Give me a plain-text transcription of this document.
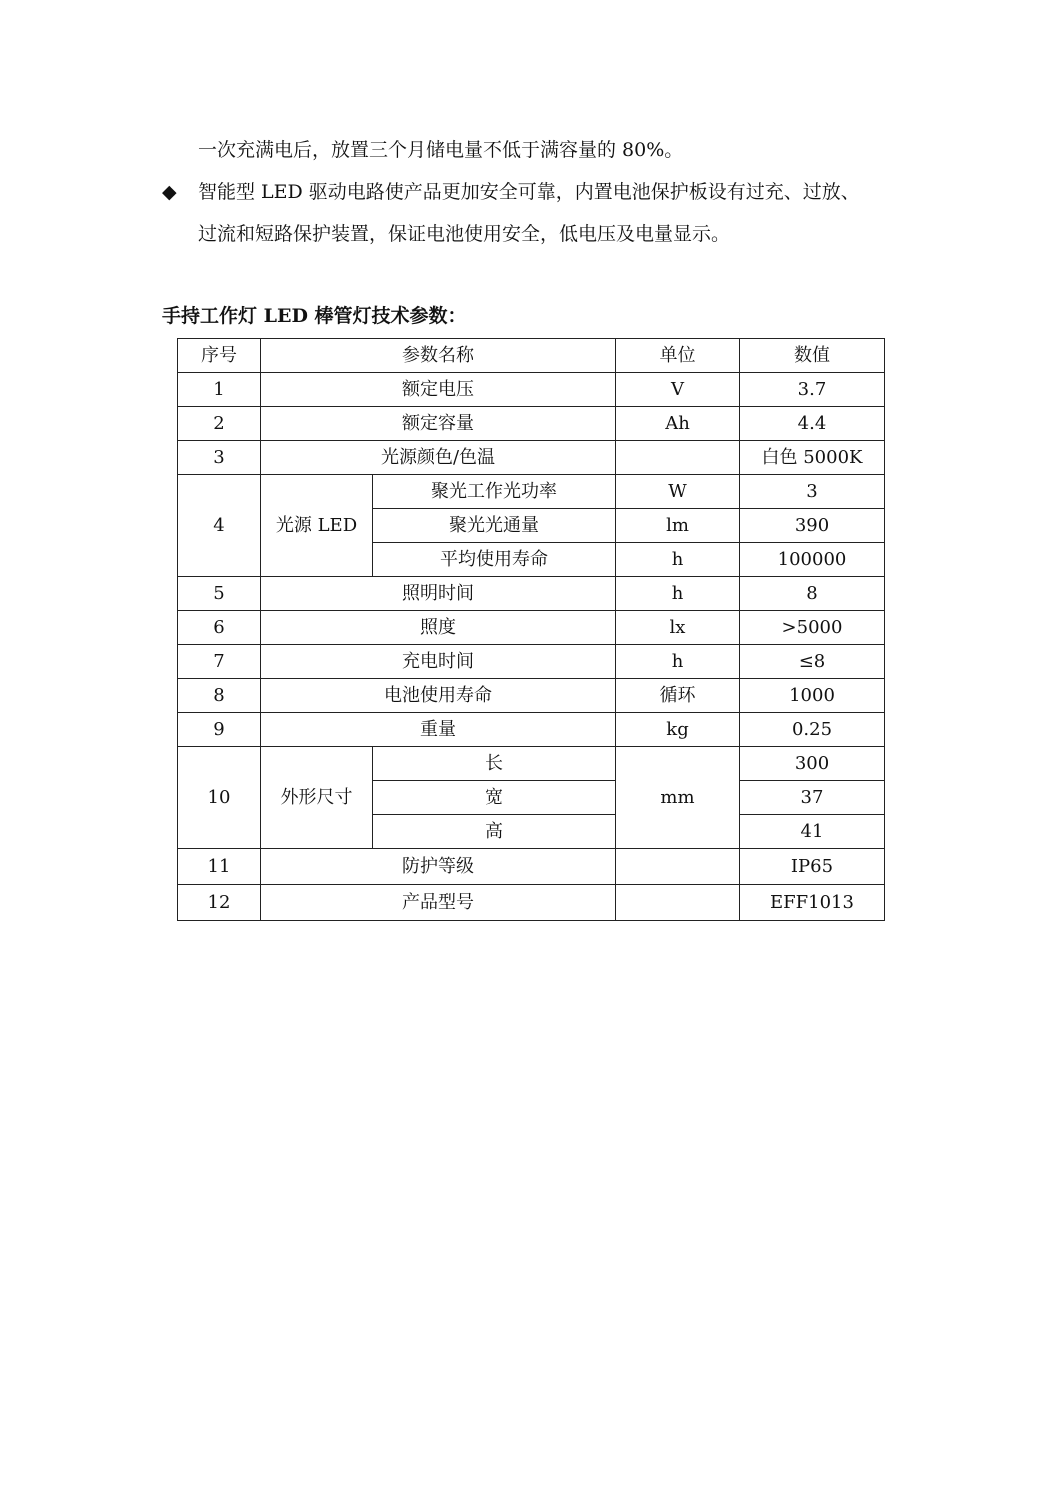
一次充满电后，放置三个月储电量不低于满容量的 80%。
◆ 智能型 LED 驱动电路使产品更加安全可靠，内置电池保护板设有过充、过放、
过流和短路保护装置，保证电池使用安全，低电压及电量显示。
手持工作灯 LED 棒管灯技术参数：
序号	参数名称		单位	数值
1	额定电压		V	3.7
2	额定容量		Ah	4.4
3	光源颜色/色温			白色 5000K
4	光源 LED	聚光工作光功率	W	3
		聚光光通量	lm	390
		平均使用寿命	h	100000
5	照明时间		h	8
6	照度		lx	>5000
7	充电时间		h	≤8
8	电池使用寿命		循环	1000
9	重量		kg	0.25
10	外形尺寸	长	mm	300
		宽		37
		高		41
11	防护等级			IP65
12	产品型号			EFF1013
